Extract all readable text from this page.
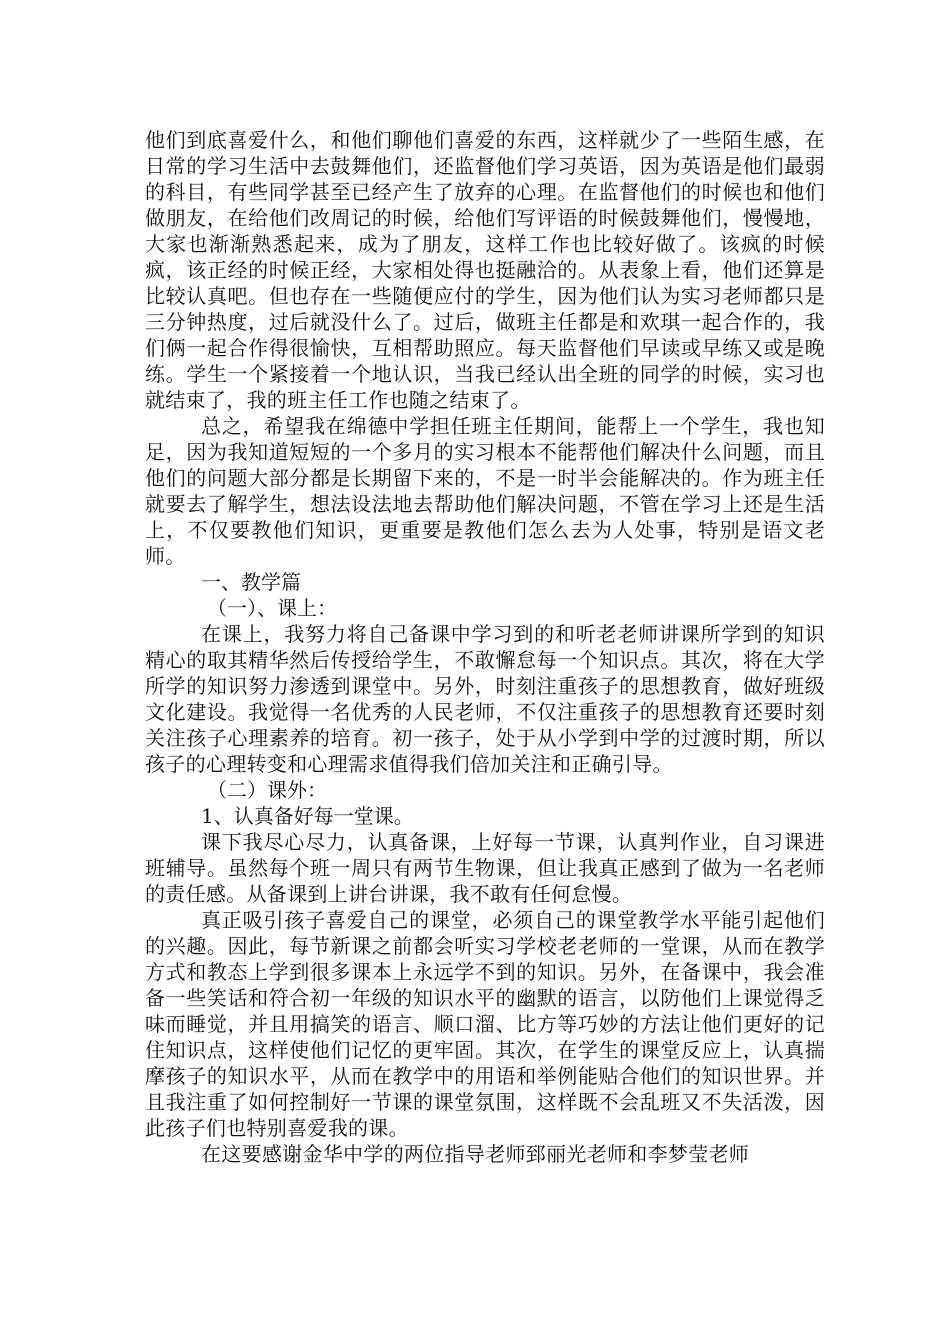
他们到底喜爱什么，和他们聊他们喜爱的东西，这样就少了一些陌生感，在日常的学习生活中去鼓舞他们，还监督他们学习英语，因为英语是他们最弱的科目，有些同学甚至已经产生了放弃的心理。在监督他们的时候也和他们做朋友，在给他们改周记的时候，给他们写评语的时候鼓舞他们，慢慢地，大家也渐渐熟悉起来，成为了朋友，这样工作也比较好做了。该疯的时候疯，该正经的时候正经，大家相处得也挺融洽的。从表象上看，他们还算是比较认真吧。但也存在一些随便应付的学生，因为他们认为实习老师都只是三分钟热度，过后就没什么了。过后，做班主任都是和欢琪一起合作的，我们俩一起合作得很愉快，互相帮助照应。每天监督他们早读或早练又或是晚练。学生一个紧接着一个地认识，当我已经认出全班的同学的时候，实习也就结束了，我的班主任工作也随之结束了。

总之，希望我在绵德中学担任班主任期间，能帮上一个学生，我也知足，因为我知道短短的一个多月的实习根本不能帮他们解决什么问题，而且他们的问题大部分都是长期留下来的，不是一时半会能解决的。作为班主任就要去了解学生，想法设法地去帮助他们解决问题，不管在学习上还是生活上，不仅要教他们知识，更重要是教他们怎么去为人处事，特别是语文老师。

一、教学篇

（一）、课上：

在课上，我努力将自己备课中学习到的和听老老师讲课所学到的知识精心的取其精华然后传授给学生，不敢懈怠每一个知识点。其次，将在大学所学的知识努力渗透到课堂中。另外，时刻注重孩子的思想教育，做好班级文化建设。我觉得一名优秀的人民老师，不仅注重孩子的思想教育还要时刻关注孩子心理素养的培育。初一孩子，处于从小学到中学的过渡时期，所以孩子的心理转变和心理需求值得我们倍加关注和正确引导。

（二）课外：

1、认真备好每一堂课。

课下我尽心尽力，认真备课，上好每一节课，认真判作业，自习课进班辅导。虽然每个班一周只有两节生物课，但让我真正感到了做为一名老师的责任感。从备课到上讲台讲课，我不敢有任何怠慢。

真正吸引孩子喜爱自己的课堂，必须自己的课堂教学水平能引起他们的兴趣。因此，每节新课之前都会听实习学校老老师的一堂课，从而在教学方式和教态上学到很多课本上永远学不到的知识。另外，在备课中，我会准备一些笑话和符合初一年级的知识水平的幽默的语言，以防他们上课觉得乏味而睡觉，并且用搞笑的语言、顺口溜、比方等巧妙的方法让他们更好的记住知识点，这样使他们记忆的更牢固。其次，在学生的课堂反应上，认真揣摩孩子的知识水平，从而在教学中的用语和举例能贴合他们的知识世界。并且我注重了如何控制好一节课的课堂氛围，这样既不会乱班又不失活泼，因此孩子们也特别喜爱我的课。

在这要感谢金华中学的两位指导老师郅丽光老师和李梦莹老师
